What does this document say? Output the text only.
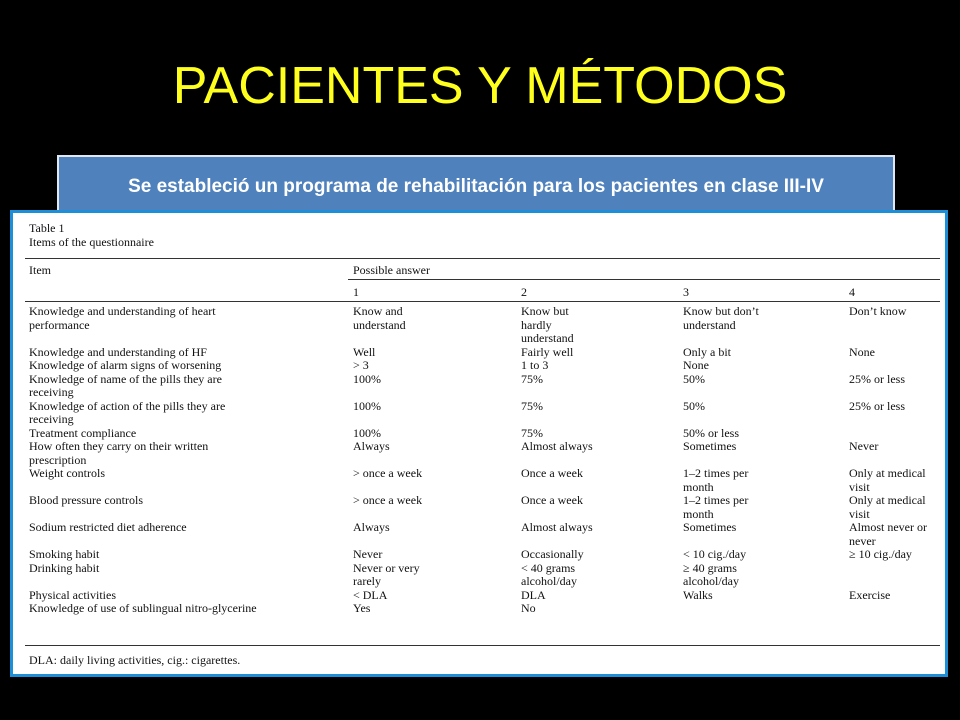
PACIENTES Y MÉTODOS

Se estableció un programa de rehabilitación para los pacientes en clase III-IV

Table 1
Items of the questionnaire
Item	Possible answer
1	2	3	4
Knowledge and understanding of heart performance	Know and understand	Know but hardly understand	Know but don’t understand	Don’t know

Knowledge and understanding of HF	Well	Fairly well	Only a bit	None

Knowledge of alarm signs of worsening	> 3	1 to 3	None	

Knowledge of name of the pills they are receiving	100%	75%	50%	25% or less

Knowledge of action of the pills they are receiving	100%	75%	50%	25% or less

Treatment compliance	100%	75%	50% or less	

How often they carry on their written prescription	Always	Almost always	Sometimes	Never

Weight controls	> once a week	Once a week	1–2 times per month	Only at medical visit

Blood pressure controls	> once a week	Once a week	1–2 times per month	Only at medical visit

Sodium restricted diet adherence	Always	Almost always	Sometimes	Almost never or never

Smoking habit	Never	Occasionally	< 10 cig./day	≥ 10 cig./day

Drinking habit	Never or very rarely	< 40 grams alcohol/day	≥ 40 grams alcohol/day	

Physical activities	< DLA	DLA	Walks	Exercise

Knowledge of use of sublingual nitro-glycerine	Yes	No		

DLA: daily living activities, cig.: cigarettes.
